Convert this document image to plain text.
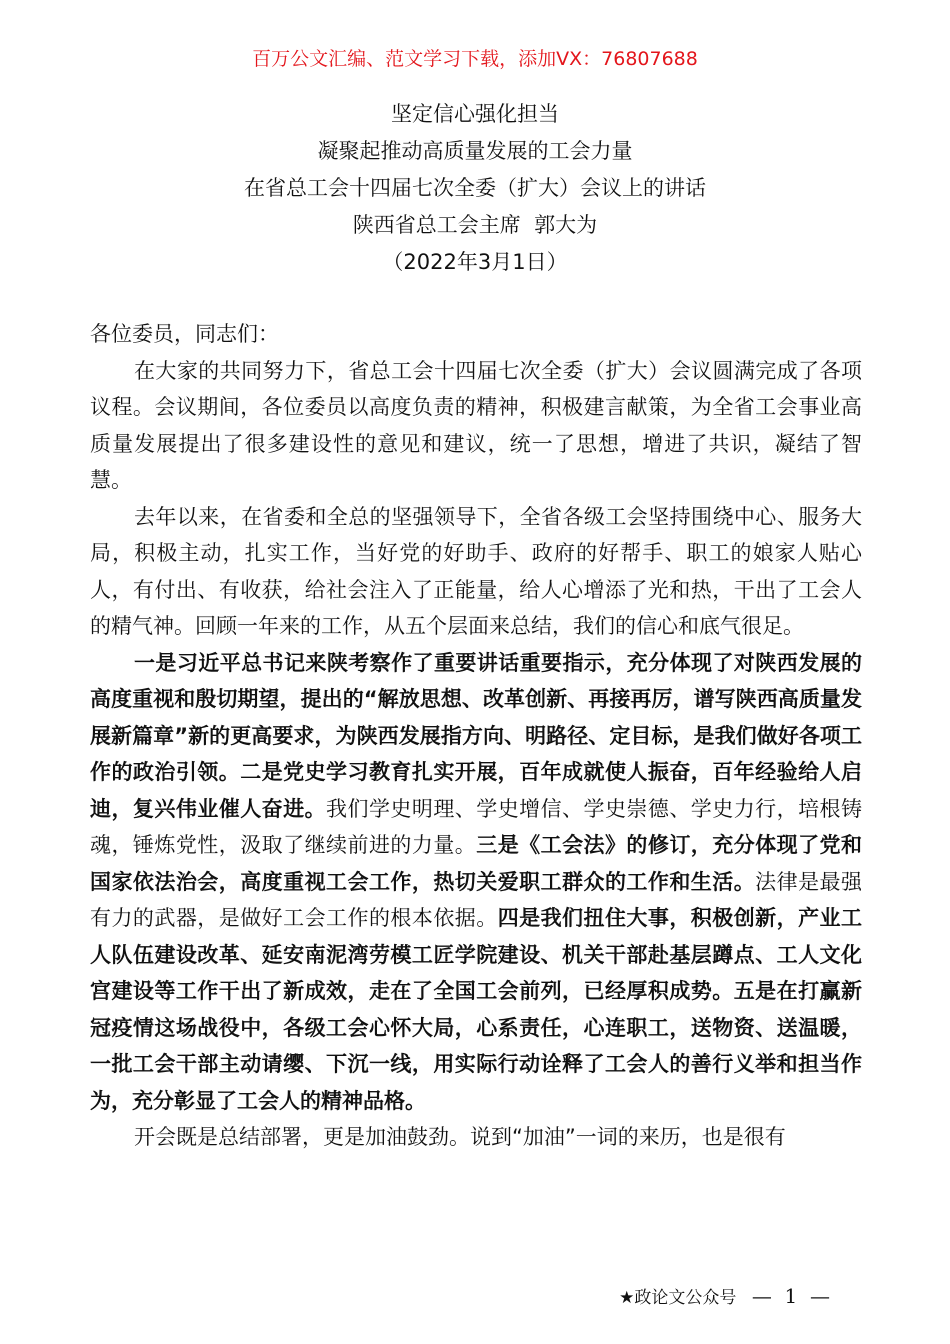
百万公文汇编、范文学习下载，添加VX：76807688
坚定信心强化担当
凝聚起推动高质量发展的工会力量
在省总工会十四届七次全委（扩大）会议上的讲话
陕西省总工会主席  郭大为
（2022年3月1日）

各位委员，同志们：

在大家的共同努力下，省总工会十四届七次全委（扩大）会议圆满完成了各项议程。会议期间，各位委员以高度负责的精神，积极建言献策，为全省工会事业高质量发展提出了很多建设性的意见和建议，统一了思想，增进了共识，凝结了智慧。

去年以来，在省委和全总的坚强领导下，全省各级工会坚持围绕中心、服务大局，积极主动，扎实工作，当好党的好助手、政府的好帮手、职工的娘家人贴心人，有付出、有收获，给社会注入了正能量，给人心增添了光和热，干出了工会人的精气神。回顾一年来的工作，从五个层面来总结，我们的信心和底气很足。

一是习近平总书记来陕考察作了重要讲话重要指示，充分体现了对陕西发展的高度重视和殷切期望，提出的“解放思想、改革创新、再接再厉，谱写陕西高质量发展新篇章”新的更高要求，为陕西发展指方向、明路径、定目标，是我们做好各项工作的政治引领。二是党史学习教育扎实开展，百年成就使人振奋，百年经验给人启迪，复兴伟业催人奋进。我们学史明理、学史增信、学史崇德、学史力行，培根铸魂，锤炼党性，汲取了继续前进的力量。三是《工会法》的修订，充分体现了党和国家依法治会，高度重视工会工作，热切关爱职工群众的工作和生活。法律是最强有力的武器，是做好工会工作的根本依据。四是我们扭住大事，积极创新，产业工人队伍建设改革、延安南泥湾劳模工匠学院建设、机关干部赴基层蹲点、工人文化宫建设等工作干出了新成效，走在了全国工会前列，已经厚积成势。五是在打赢新冠疫情这场战役中，各级工会心怀大局，心系责任，心连职工，送物资、送温暖，一批工会干部主动请缨、下沉一线，用实际行动诠释了工会人的善行义举和担当作为，充分彰显了工会人的精神品格。

开会既是总结部署，更是加油鼓劲。说到“加油”一词的来历，也是很有

★政论文公众号 — 1 —
